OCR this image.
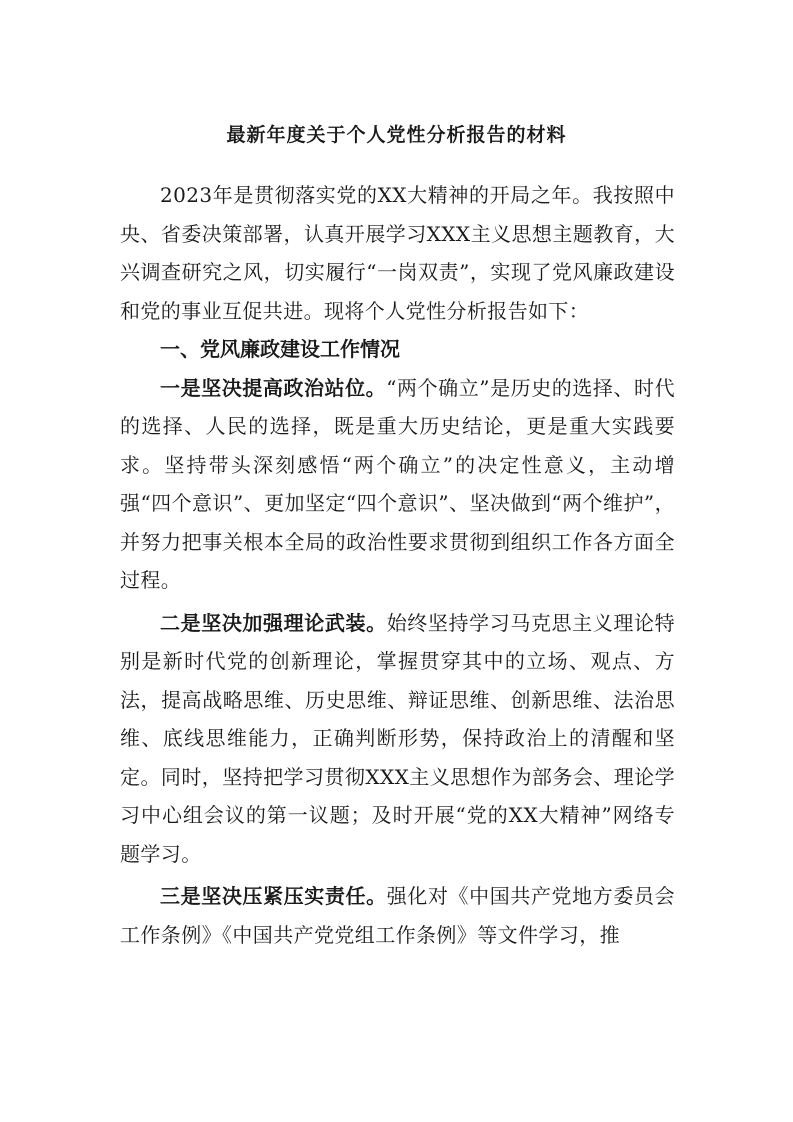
最新年度关于个人党性分析报告的材料

2023年是贯彻落实党的XX大精神的开局之年。我按照中央、省委决策部署，认真开展学习XXX主义思想主题教育，大兴调查研究之风，切实履行“一岗双责”，实现了党风廉政建设和党的事业互促共进。现将个人党性分析报告如下：

一、党风廉政建设工作情况

一是坚决提高政治站位。“两个确立”是历史的选择、时代的选择、人民的选择，既是重大历史结论，更是重大实践要求。坚持带头深刻感悟“两个确立”的决定性意义，主动增强“四个意识”、更加坚定“四个意识”、坚决做到“两个维护”，并努力把事关根本全局的政治性要求贯彻到组织工作各方面全过程。

二是坚决加强理论武装。始终坚持学习马克思主义理论特别是新时代党的创新理论，掌握贯穿其中的立场、观点、方法，提高战略思维、历史思维、辩证思维、创新思维、法治思维、底线思维能力，正确判断形势，保持政治上的清醒和坚定。同时，坚持把学习贯彻XXX主义思想作为部务会、理论学习中心组会议的第一议题；及时开展“党的XX大精神”网络专题学习。

三是坚决压紧压实责任。强化对《中国共产党地方委员会工作条例》《中国共产党党组工作条例》等文件学习，推
